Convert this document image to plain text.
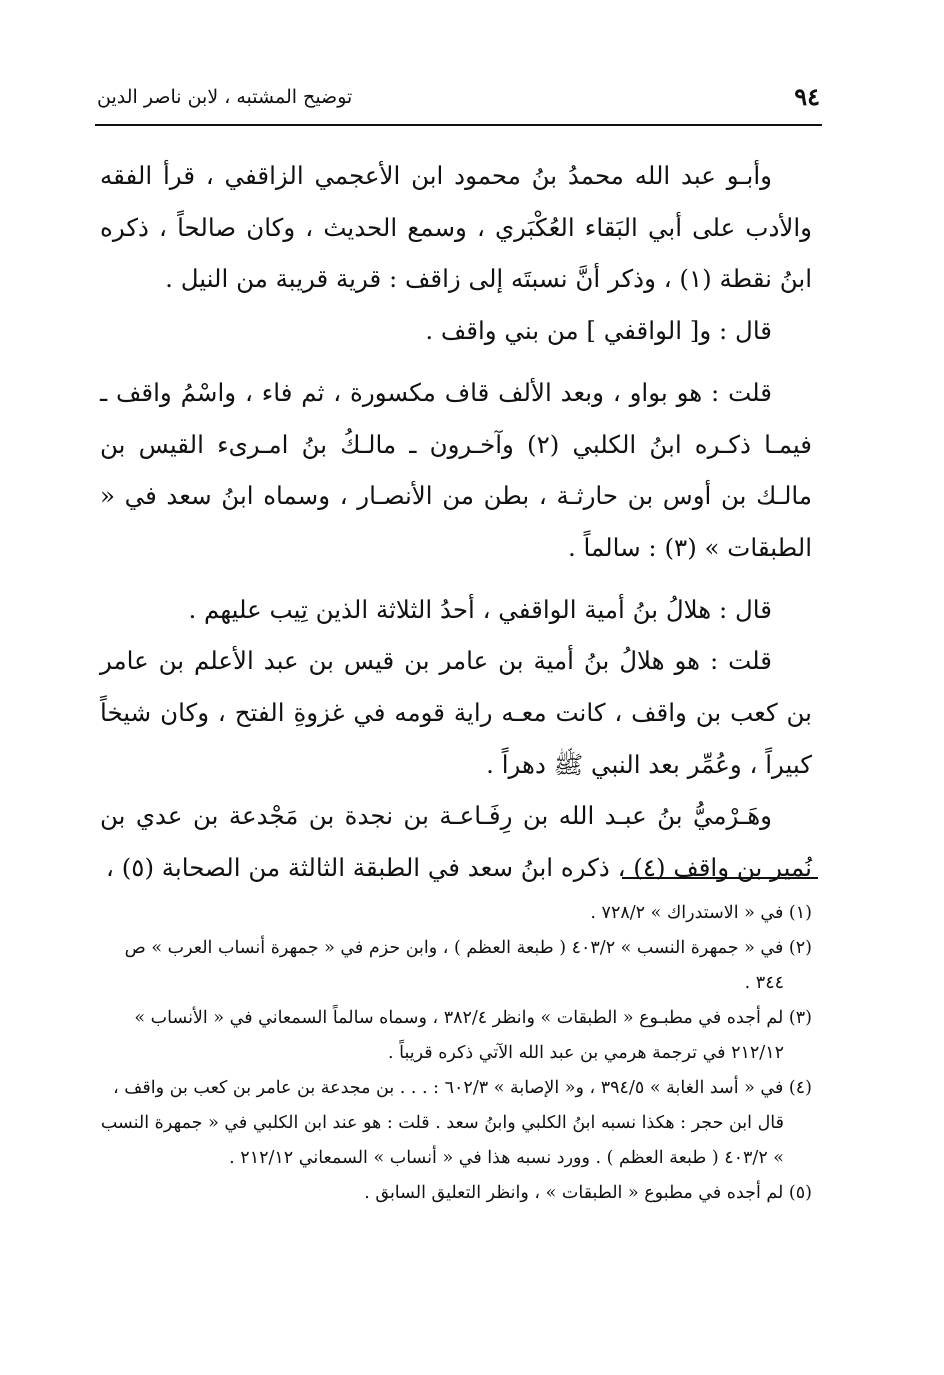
٩٤
توضيح المشتبه ، لابن ناصر الدين

وأبـو عبد الله محمدُ بنُ محمود ابن الأعجمي الزاقفي ، قرأ الفقه والأدب على أبي البَقاء العُكْبَري ، وسمع الحديث ، وكان صالحاً ، ذكره ابنُ نقطة (١) ، وذكر أنَّ نسبتَه إلى زاقف : قرية قريبة من النيل .

قال : و[ الواقفي ] من بني واقف .

قلت : هو بواو ، وبعد الألف قاف مكسورة ، ثم فاء ، واسْمُ واقف ـ فيمـا ذكـره ابنُ الكلبي (٢) وآخـرون ـ مالـكُ بنُ امـرىء القيس بن مالـك بن أوس بن حارثـة ، بطن من الأنصـار ، وسماه ابنُ سعد في « الطبقات » (٣) : سالماً .

قال : هلالُ بنُ أمية الواقفي ، أحدُ الثلاثة الذين تِيب عليهم .

قلت : هو هلالُ بنُ أمية بن عامر بن قيس بن عبد الأعلم بن عامر بن كعب بن واقف ، كانت معـه راية قومه في غزوةِ الفتح ، وكان شيخاً كبيراً ، وعُمِّر بعد النبي ﷺ دهراً .

وهَـرْميُّ بنُ عبـد الله بن رِفَـاعـة بن نجدة بن مَجْدعة بن عدي بن نُمير بن واقف (٤) ، ذكره ابنُ سعد في الطبقة الثالثة من الصحابة (٥) ،

(١) في « الاستدراك » ٧٢٨/٢ .

(٢) في « جمهرة النسب » ٤٠٣/٢ ( طبعة العظم ) ، وابن حزم في « جمهرة أنساب العرب » ص ٣٤٤ .

(٣) لم أجده في مطبـوع « الطبقات » وانظر ٣٨٢/٤ ، وسماه سالماً السمعاني في « الأنساب » ٢١٢/١٢ في ترجمة هرمي بن عبد الله الآتي ذكره قريباً .

(٤) في « أسد الغابة » ٣٩٤/٥ ، و« الإصابة » ٦٠٢/٣ : . . . بن مجدعة بن عامر بن كعب بن واقف ، قال ابن حجر : هكذا نسبه ابنُ الكلبي وابنُ سعد . قلت : هو عند ابن الكلبي في « جمهرة النسب » ٤٠٣/٢ ( طبعة العظم ) . وورد نسبه هذا في « أنساب » السمعاني ٢١٢/١٢ .

(٥) لم أجده في مطبوع « الطبقات » ، وانظر التعليق السابق .
